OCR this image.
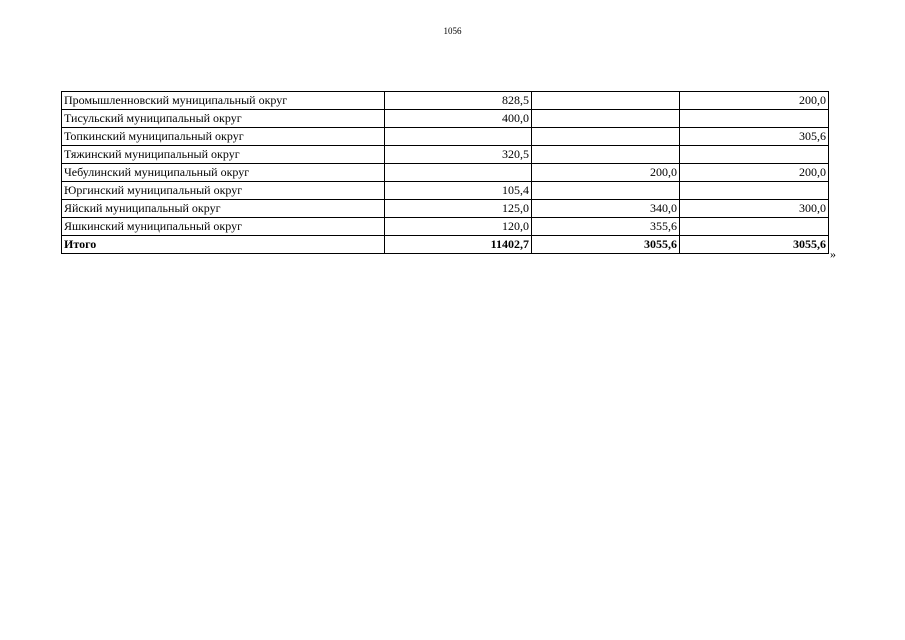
1056
Промышленновский муниципальный округ	828,5		200,0
Тисульский муниципальный округ	400,0		
Топкинский муниципальный округ			305,6
Тяжинский муниципальный округ	320,5		
Чебулинский муниципальный округ		200,0	200,0
Юргинский муниципальный округ	105,4		
Яйский муниципальный округ	125,0	340,0	300,0
Яшкинский муниципальный округ	120,0	355,6	
Итого	11402,7	3055,6	3055,6
»
